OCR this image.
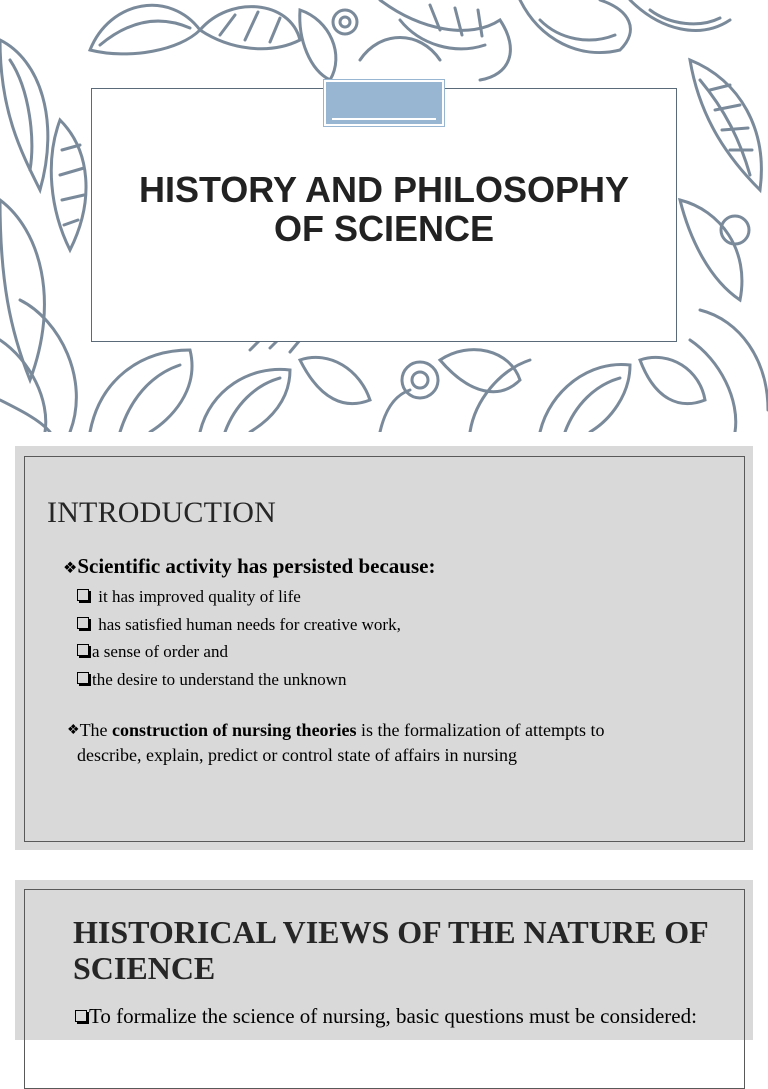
HISTORY AND PHILOSOPHY
OF SCIENCE
INTRODUCTION
❖Scientific activity has persisted because:
it has improved quality of life
has satisfied human needs for creative work,
a sense of order and
the desire to understand the unknown
❖The construction of nursing theories is the formalization of attempts to
describe, explain, predict or control state of affairs in nursing
HISTORICAL VIEWS OF THE NATURE OF SCIENCE
To formalize the science of nursing, basic questions must be considered:
